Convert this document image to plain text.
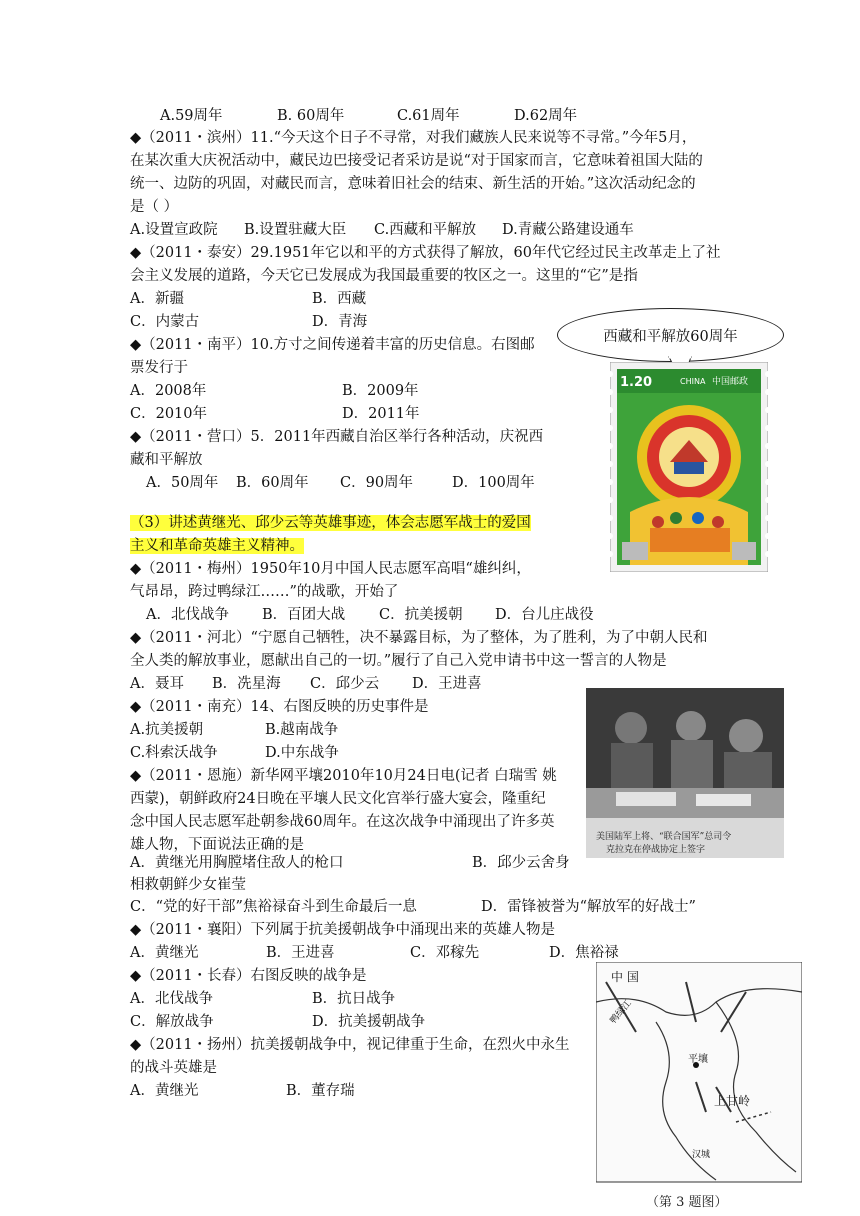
A.59周年	B. 60周年	C.61周年	D.62周年
◆（2011・滨州）11.“今天这个日子不寻常，对我们藏族人民来说等不寻常。”今年5月，
在某次重大庆祝活动中，藏民边巴接受记者采访是说“对于国家而言，它意味着祖国大陆的
统一、边防的巩固，对藏民而言，意味着旧社会的结束、新生活的开始。”这次活动纪念的
是（ ）
A.设置宣政院 B.设置驻藏大臣 C.西藏和平解放 D.青藏公路建设通车
◆（2011・泰安）29.1951年它以和平的方式获得了解放，60年代它经过民主改革走上了社
会主义发展的道路，今天它已发展成为我国最重要的牧区之一。这里的“它”是指
A．新疆	B．西藏
C．内蒙古	D．青海
◆（2011・南平）10.方寸之间传递着丰富的历史信息。右图邮
票发行于
A．2008年	B．2009年
C．2010年	D．2011年
◆（2011・营口）5．2011年西藏自治区举行各种活动，庆祝西
藏和平解放
A．50周年 B．60周年 C．90周年	D．100周年
（3）讲述黄继光、邱少云等英雄事迹，体会志愿军战士的爱国
主义和革命英雄主义精神。
◆（2011・梅州）1950年10月中国人民志愿军高唱“雄纠纠，
气昂昂，跨过鸭绿江……”的战歌，开始了
A．北伐战争 B．百团大战 C．抗美援朝 D．台儿庄战役
◆（2011・河北）“宁愿自己牺牲，决不暴露目标，为了整体，为了胜利，为了中朝人民和
全人类的解放事业，愿献出自己的一切。”履行了自己入党申请书中这一誓言的人物是
A．聂耳 B．冼星海 C．邱少云 D．王进喜
◆（2011・南充）14、右图反映的历史事件是
A.抗美援朝	B.越南战争
C.科索沃战争	D.中东战争
◆（2011・恩施）新华网平壤2010年10月24日电(记者 白瑞雪 姚
西蒙)，朝鲜政府24日晚在平壤人民文化宫举行盛大宴会，隆重纪
念中国人民志愿军赴朝参战60周年。在这次战争中涌现出了许多英
雄人物，下面说法正确的是
A．黄继光用胸膛堵住敌人的枪口	B．邱少云舍身
相救朝鲜少女崔莹
C．“党的好干部”焦裕禄奋斗到生命最后一息	D．雷锋被誉为“解放军的好战士”
◆（2011・襄阳）下列属于抗美援朝战争中涌现出来的英雄人物是
A．黄继光	B．王进喜	C．邓稼先	D．焦裕禄
◆（2011・长春）右图反映的战争是
A．北伐战争	B．抗日战争
C．解放战争	D．抗美援朝战争
◆（2011・扬州）抗美援朝战争中，视记律重于生命，在烈火中永生
的战斗英雄是
A．黄继光	B．董存瑞
西藏和平解放60周年
1.20	CHINA 中国邮政
美国陆军上将、“联合国军”总司令
克拉克在停战协定上签字
中 国
鸭绿江
平壤
上甘岭
汉城
（第 3 题图）
